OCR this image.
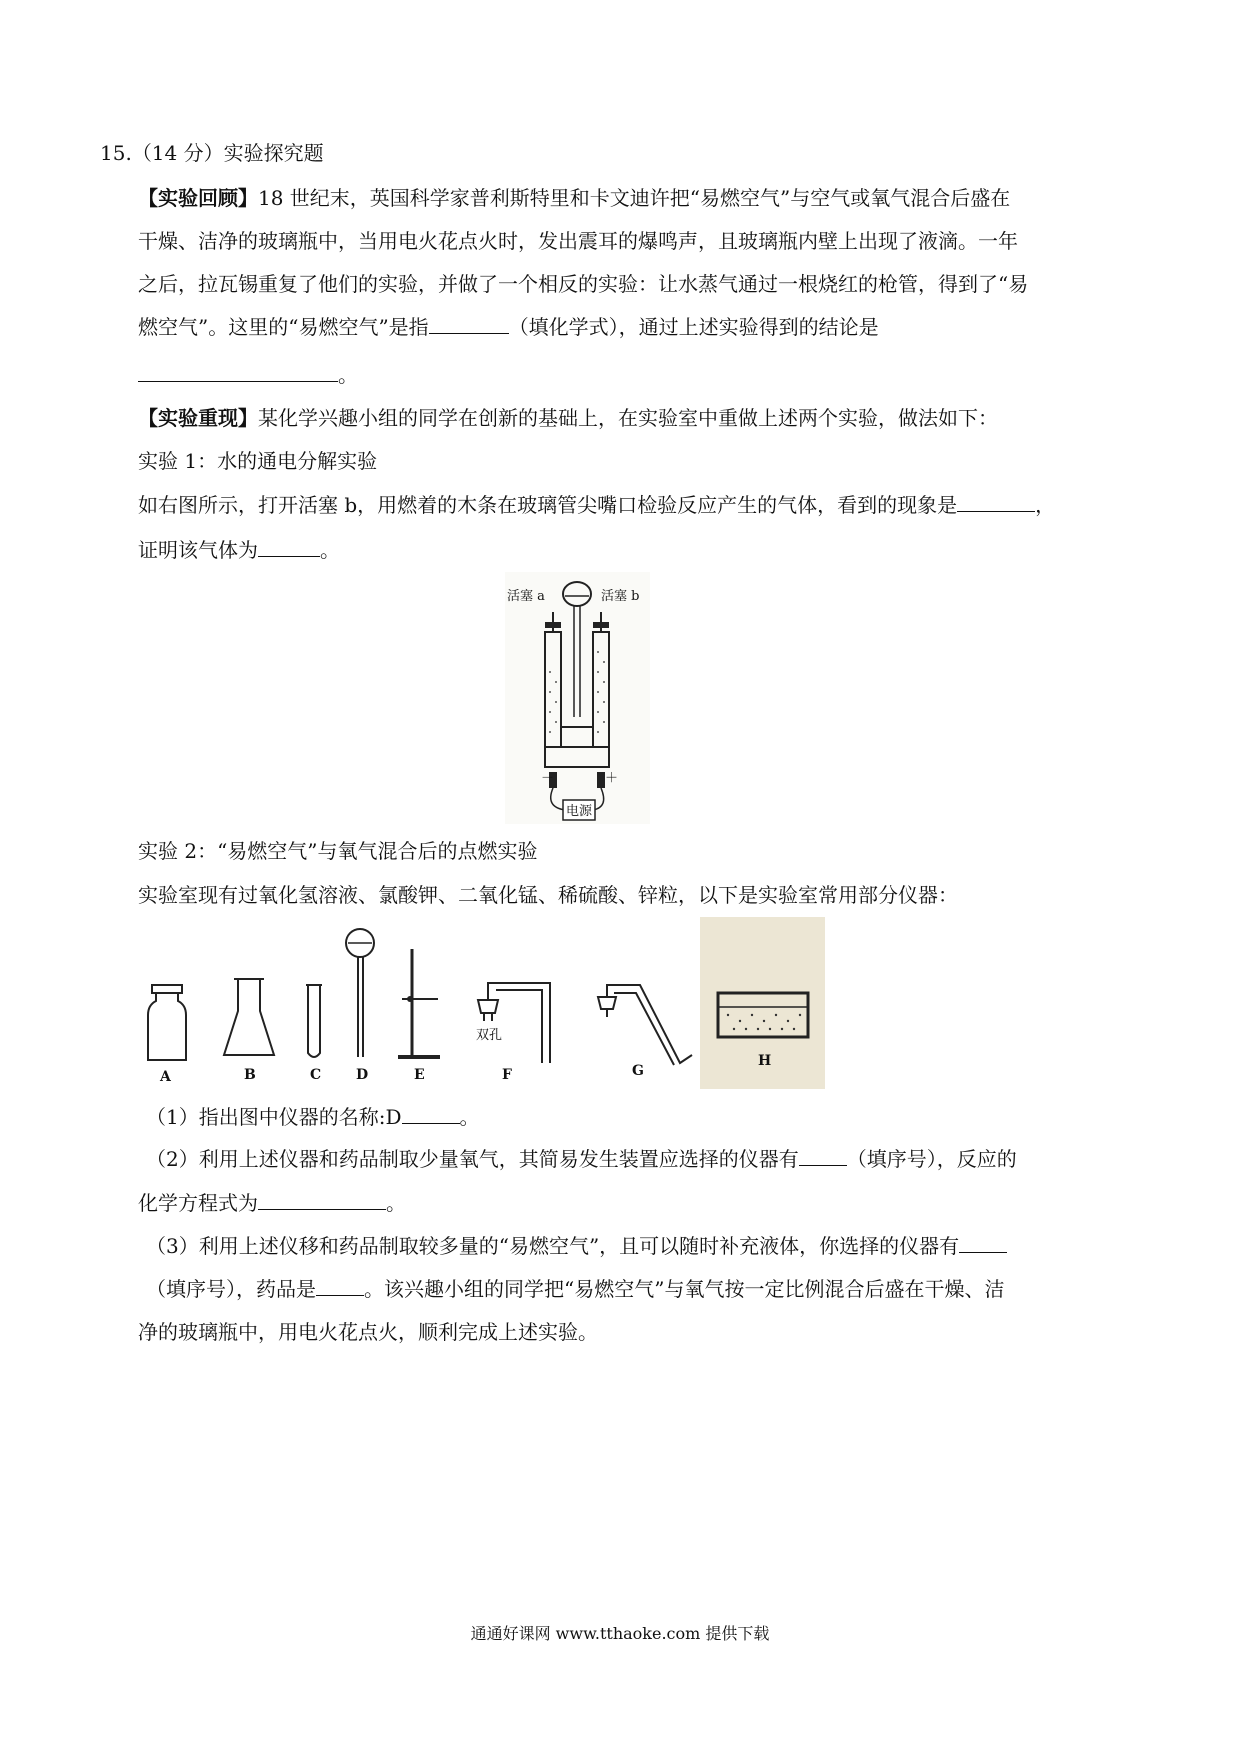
15.（14 分）实验探究题
【实验回顾】18 世纪末，英国科学家普利斯特里和卡文迪许把“易燃空气”与空气或氧气混合后盛在
干燥、洁净的玻璃瓶中，当用电火花点火时，发出震耳的爆鸣声，且玻璃瓶内壁上出现了液滴。一年
之后，拉瓦锡重复了他们的实验，并做了一个相反的实验：让水蒸气通过一根烧红的枪管，得到了“易
燃空气”。这里的“易燃空气”是指	（填化学式），通过上述实验得到的结论是
。
【实验重现】某化学兴趣小组的同学在创新的基础上，在实验室中重做上述两个实验，做法如下：
实验 1：水的通电分解实验
如右图所示，打开活塞 b，用燃着的木条在玻璃管尖嘴口检验反应产生的气体，看到的现象是	，
证明该气体为	。
活塞 a	活塞 b
－	＋
电源
实验 2：“易燃空气”与氧气混合后的点燃实验
实验室现有过氧化氢溶液、氯酸钾、二氧化锰、稀硫酸、锌粒，以下是实验室常用部分仪器：
双孔
A	B	C D	E	F	G
H
（1）指出图中仪器的名称:D	。
（2）利用上述仪器和药品制取少量氧气，其简易发生装置应选择的仪器有 （填序号），反应的
化学方程式为	。
（3）利用上述仪移和药品制取较多量的“易燃空气”，且可以随时补充液体，你选择的仪器有
（填序号），药品是 。该兴趣小组的同学把“易燃空气”与氧气按一定比例混合后盛在干燥、洁
净的玻璃瓶中，用电火花点火，顺利完成上述实验。
通通好课网 www.tthaoke.com 提供下载
